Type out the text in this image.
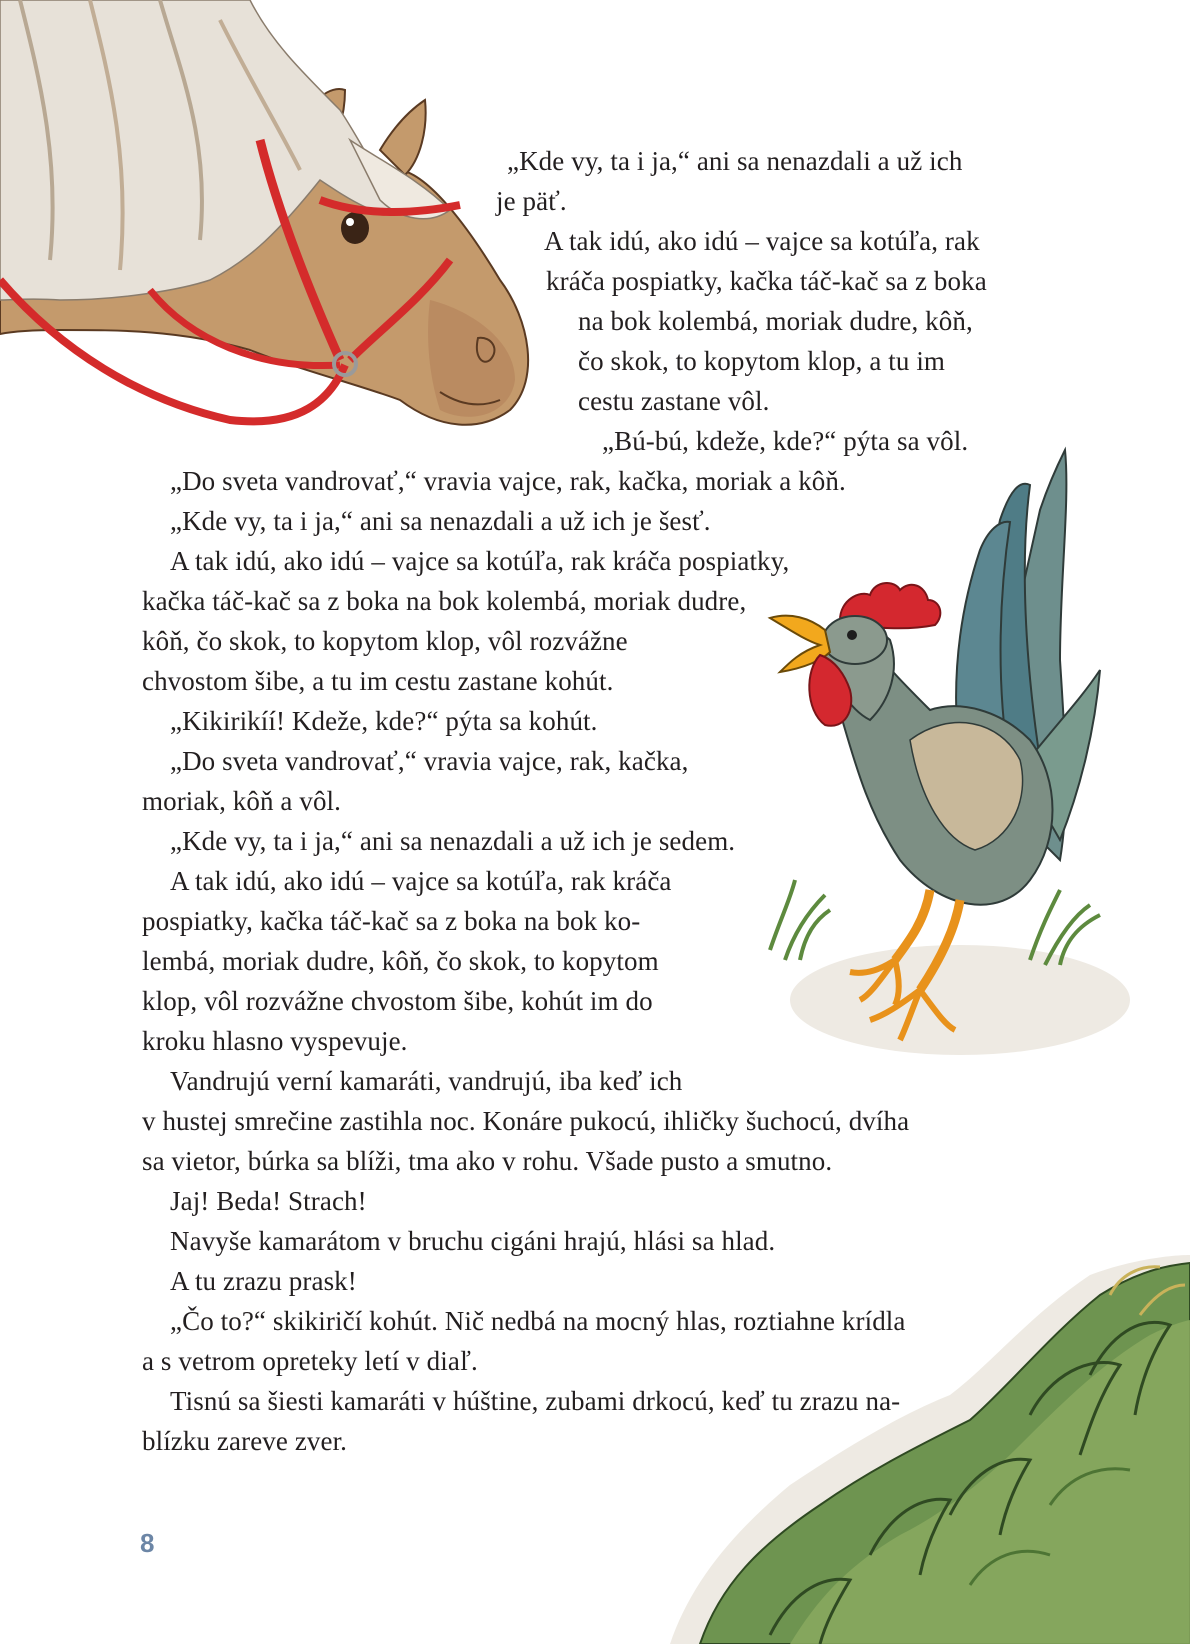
„Kde vy, ta i ja,“ ani sa nenazdali a už ich

je päť.

A tak idú, ako idú – vajce sa kotúľa, rak

kráča pospiatky, kačka táč-kač sa z boka

na bok kolembá, moriak dudre, kôň,

čo skok, to kopytom klop, a tu im

cestu zastane vôl.

„Bú-bú, kdeže, kde?“ pýta sa vôl.

„Do sveta vandrovať,“ vravia vajce, rak, kačka, moriak a kôň.

„Kde vy, ta i ja,“ ani sa nenazdali a už ich je šesť.

A tak idú, ako idú – vajce sa kotúľa, rak kráča pospiatky,

kačka táč-kač sa z boka na bok kolembá, moriak dudre,

kôň, čo skok, to kopytom klop, vôl rozvážne

chvostom šibe, a tu im cestu zastane kohút.

„Kikirikíí! Kdeže, kde?“ pýta sa kohút.

„Do sveta vandrovať,“ vravia vajce, rak, kačka,

moriak, kôň a vôl.

„Kde vy, ta i ja,“ ani sa nenazdali a už ich je sedem.

A tak idú, ako idú – vajce sa kotúľa, rak kráča

pospiatky, kačka táč-kač sa z boka na bok ko-

lembá, moriak dudre, kôň, čo skok, to kopytom

klop, vôl rozvážne chvostom šibe, kohút im do

kroku hlasno vyspevuje.

Vandrujú verní kamaráti, vandrujú, iba keď ich

v hustej smrečine zastihla noc. Konáre pukocú, ihličky šuchocú, dvíha

sa vietor, búrka sa blíži, tma ako v rohu. Všade pusto a smutno.

Jaj! Beda! Strach!

Navyše kamarátom v bruchu cigáni hrajú, hlási sa hlad.

A tu zrazu prask!

„Čo to?“ skikiričí kohút. Nič nedbá na mocný hlas, roztiahne krídla

a s vetrom opreteky letí v diaľ.

Tisnú sa šiesti kamaráti v húštine, zubami drkocú, keď tu zrazu na-

blízku zareve zver.

8
